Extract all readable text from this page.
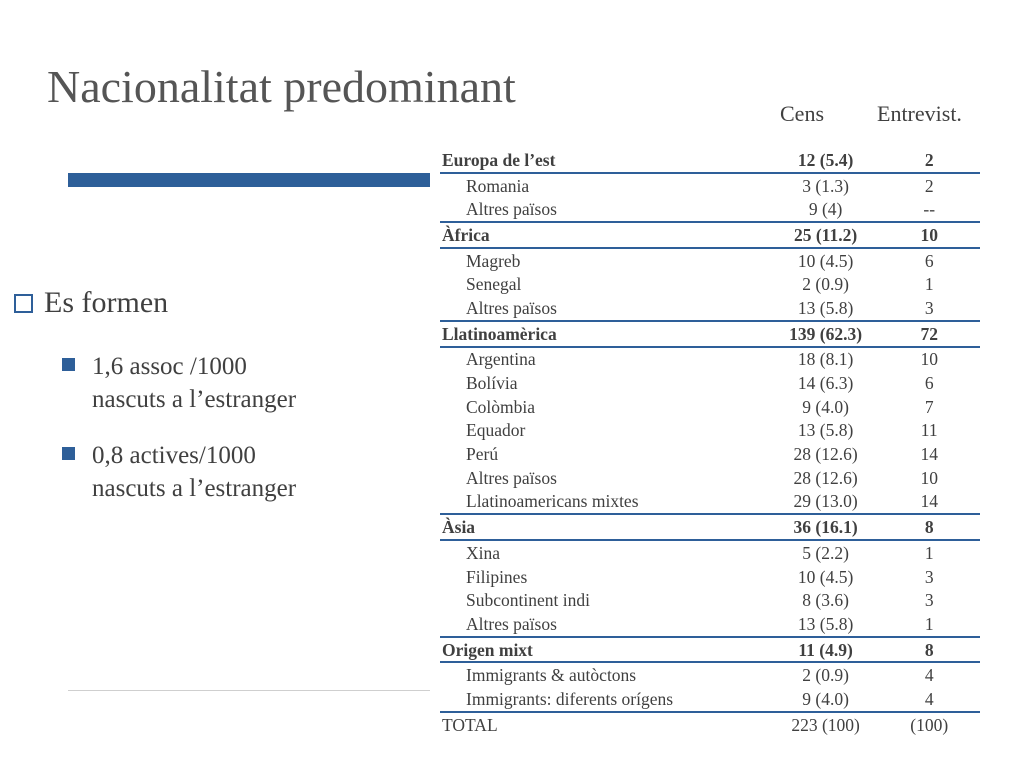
Nacionalitat predominant
Es formen
1,6 assoc /1000
nascuts a l’estranger
0,8 actives/1000
nascuts a l’estranger
Cens Entrevist.
Europa de l’est	12 (5.4)	2
Romania	3 (1.3)	2
Altres països	9 (4)	--
Àfrica	25 (11.2)	10
Magreb	10 (4.5)	6
Senegal	2 (0.9)	1
Altres països	13 (5.8)	3
Llatinoamèrica	139 (62.3)	72
Argentina	18 (8.1)	10
Bolívia	14 (6.3)	6
Colòmbia	9 (4.0)	7
Equador	13 (5.8)	11
Perú	28 (12.6)	14
Altres països	28 (12.6)	10
Llatinoamericans mixtes	29 (13.0)	14
Àsia	36 (16.1)	8
Xina	5 (2.2)	1
Filipines	10 (4.5)	3
Subcontinent indi	8 (3.6)	3
Altres països	13 (5.8)	1
Origen mixt	11 (4.9)	8
Immigrants & autòctons	2 (0.9)	4
Immigrants: diferents orígens	9 (4.0)	4
TOTAL	223 (100)	(100)
